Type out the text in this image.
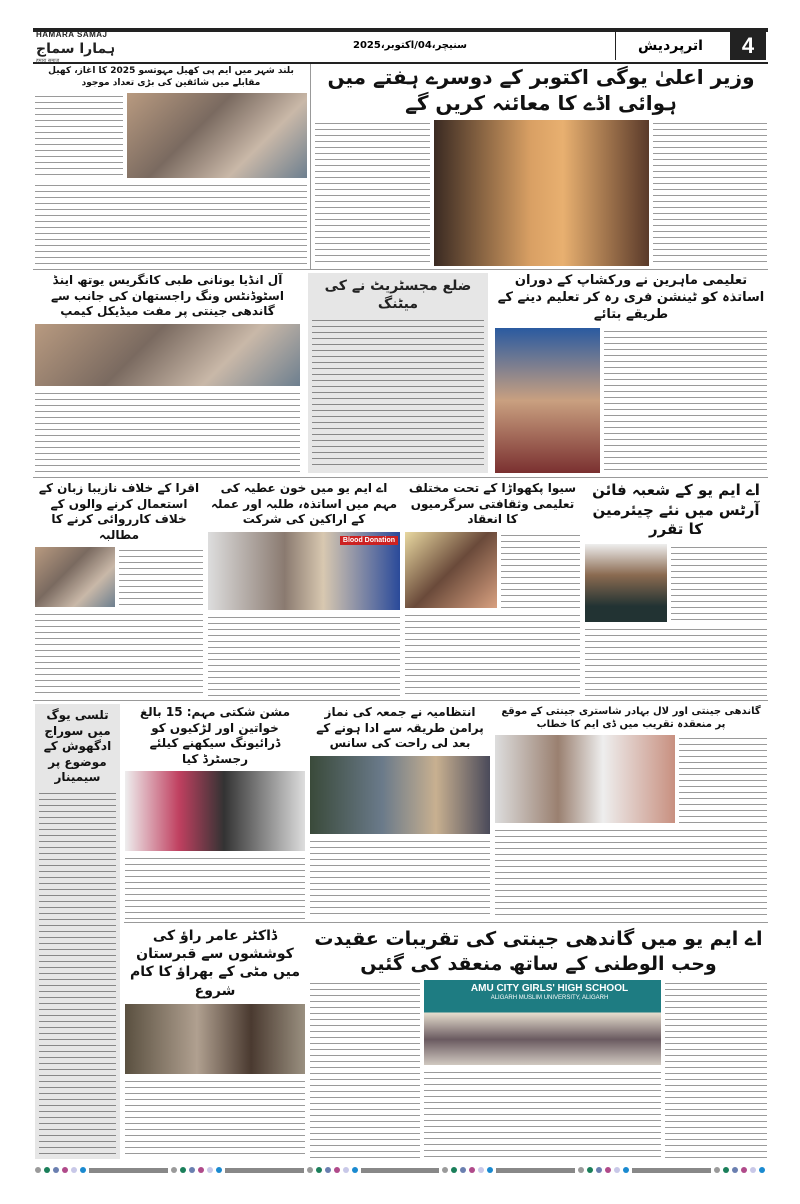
HAMARA SAMAJ
ہمارا سماج
हमारा समाज
سنیچر،04/اکتوبر،2025	اترپردیش	4
بلند شہر میں ایم پی کھیل مہوتسو 2025 کا آغاز، کھیل مقابلے میں شائقین کی بڑی تعداد موجود	وزیر اعلیٰ یوگی اکتوبر کے دوسرے ہفتے میں ہوائی اڈے کا معائنہ کریں گے
آل انڈیا یونانی طبی کانگریس یوتھ اینڈ اسٹوڈنٹس ونگ راجستھان کی جانب سے گاندھی جینتی پر مفت میڈیکل کیمپ
ضلع مجسٹریٹ نے کی میٹنگ
تعلیمی ماہرین نے ورکشاپ کے دوران اساتذہ کو ٹینشن فری رہ کر تعلیم دینے کے طریقے بتائے
اقرا کے خلاف نازیبا زبان کے استعمال کرنے والوں کے خلاف کارروائی کرنے کا مطالبہ
اے ایم یو میں خون عطیہ کی مہم میں اساتذہ، طلبہ اور عملہ کے اراکین کی شرکت
Blood Donation
سیوا پکھواڑا کے تحت مختلف تعلیمی وثقافتی سرگرمیوں کا انعقاد
اے ایم یو کے شعبہ فائن آرٹس میں نئے چیئرمین کا تقرر
تلسی یوگ میں سوراج ادگھوش کے موضوع پر سیمینار
مشن شکتی مہم: 15 بالغ خواتین اور لڑکیوں کو ڈرائیونگ سیکھنے کیلئے رجسٹرڈ کیا
انتظامیہ نے جمعہ کی نماز پرامن طریقہ سے ادا ہونے کے بعد لی راحت کی سانس
گاندھی جینتی اور لال بہادر شاستری جینتی کے موقع پر منعقدہ تقریب میں ڈی ایم کا خطاب
ڈاکٹر عامر راؤ کی کوششوں سے قبرستان میں مٹی کے بھراؤ کا کام شروع
اے ایم یو میں گاندھی جینتی کی تقریبات عقیدت وحب الوطنی کے ساتھ منعقد کی گئیں
AMU CITY GIRLS' HIGH SCHOOL
ALIGARH MUSLIM UNIVERSITY, ALIGARH
